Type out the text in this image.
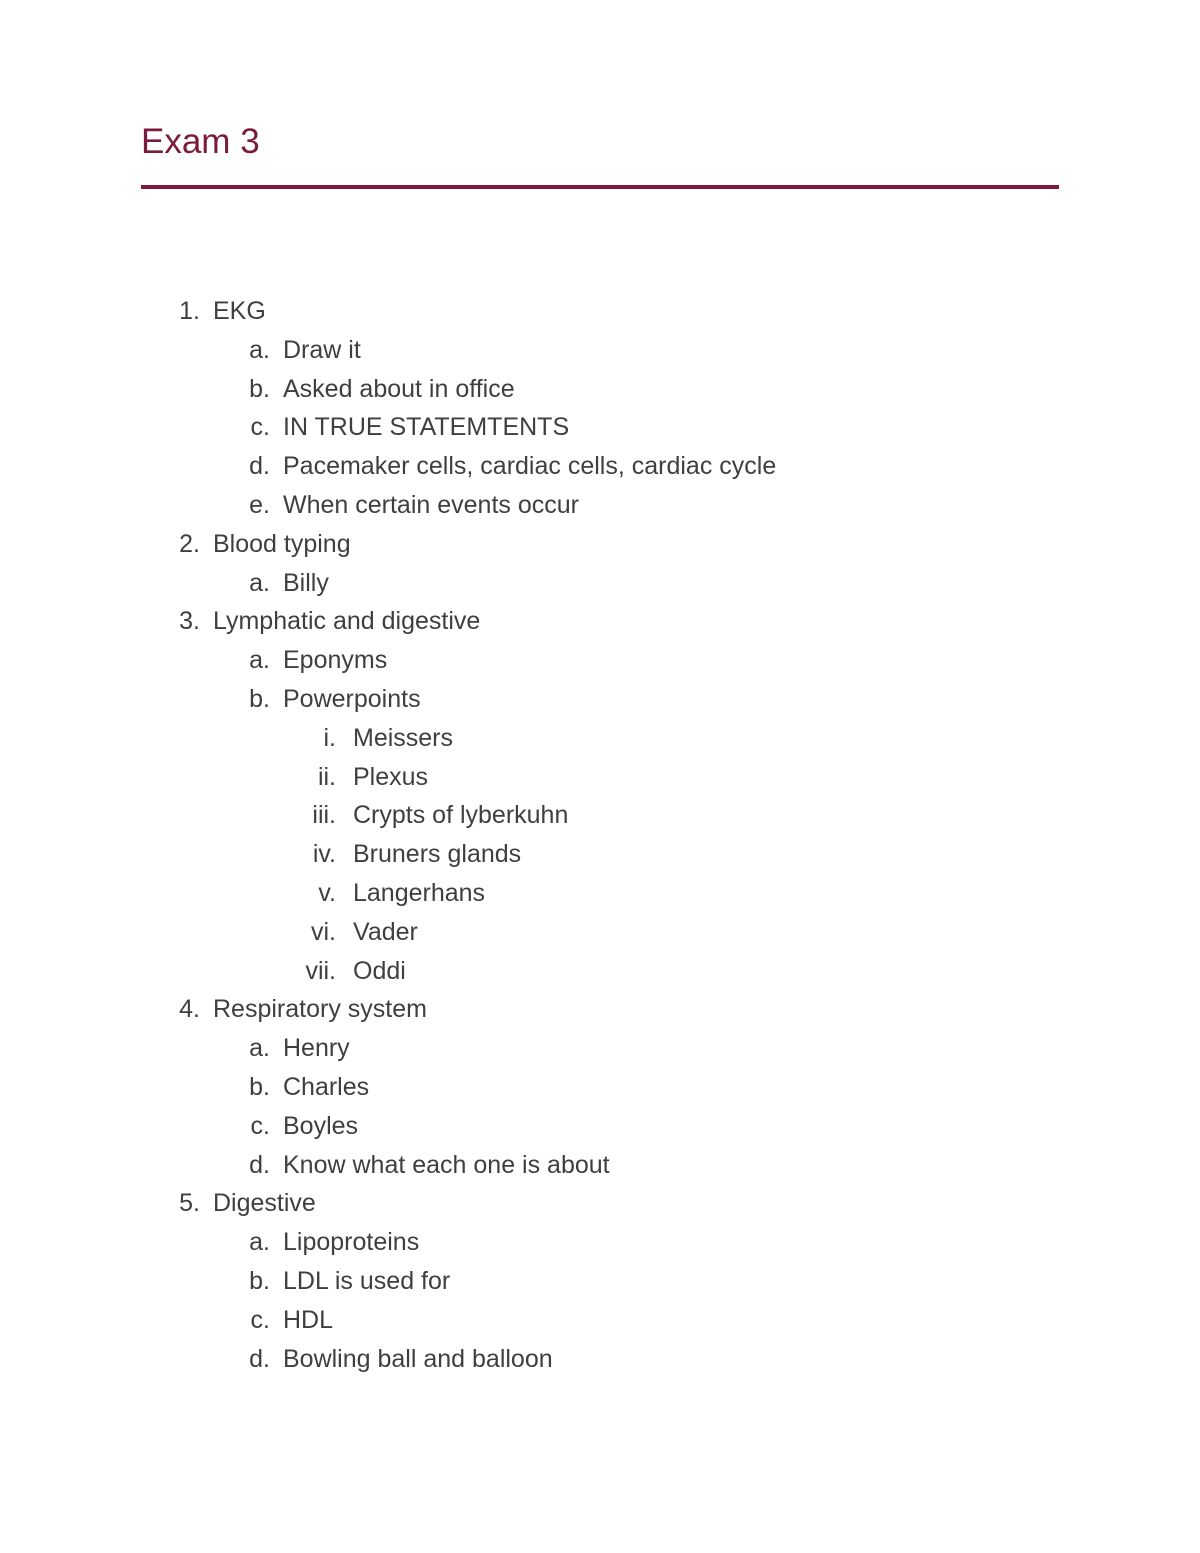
Exam 3
1. EKG
a. Draw it
b. Asked about in office
c. IN TRUE STATEMTENTS
d. Pacemaker cells, cardiac cells, cardiac cycle
e. When certain events occur
2. Blood typing
a. Billy
3. Lymphatic and digestive
a. Eponyms
b. Powerpoints
i. Meissers
ii. Plexus
iii. Crypts of lyberkuhn
iv. Bruners glands
v. Langerhans
vi. Vader
vii. Oddi
4. Respiratory system
a. Henry
b. Charles
c. Boyles
d. Know what each one is about
5. Digestive
a. Lipoproteins
b. LDL is used for
c. HDL
d. Bowling ball and balloon
